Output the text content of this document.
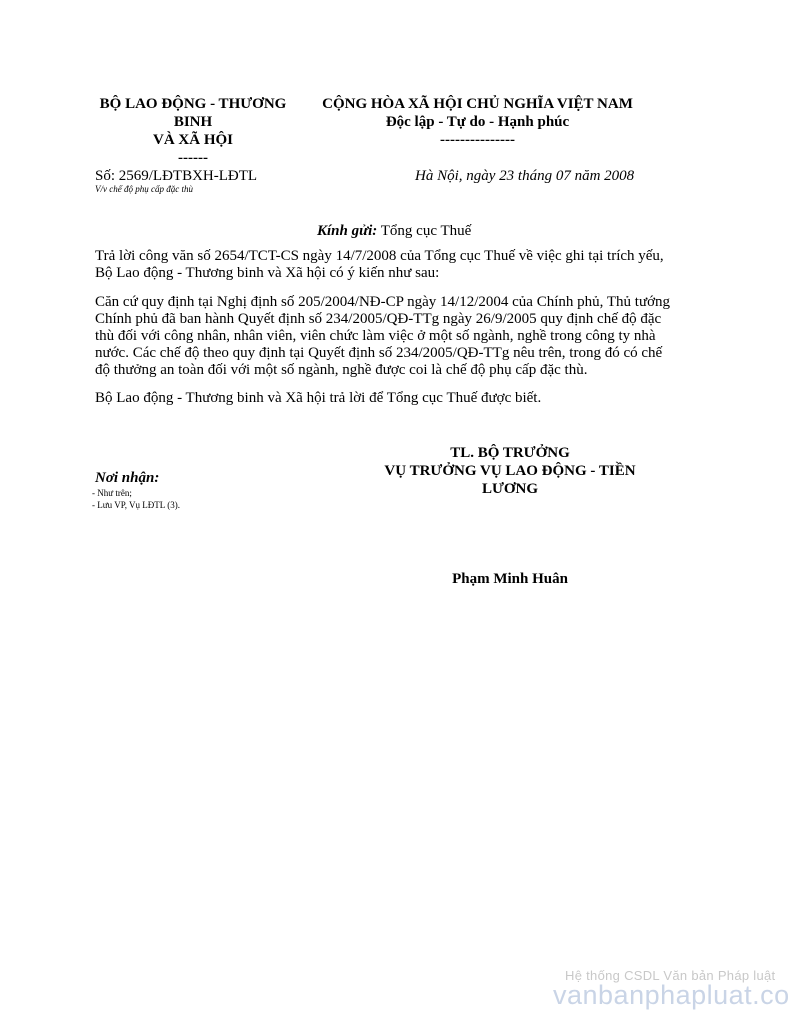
BỘ LAO ĐỘNG - THƯƠNG
BINH
VÀ XÃ HỘI
------
CỘNG HÒA XÃ HỘI CHỦ NGHĨA VIỆT NAM
Độc lập - Tự do - Hạnh phúc
---------------
Số: 2569/LĐTBXH-LĐTL
V/v chế độ phụ cấp đặc thù
Hà Nội, ngày 23 tháng 07 năm 2008
Kính gửi: Tổng cục Thuế
Trả lời công văn số 2654/TCT-CS ngày 14/7/2008 của Tổng cục Thuế về việc ghi tại trích yếu,
Bộ Lao động - Thương binh và Xã hội có ý kiến như sau:
Căn cứ quy định tại Nghị định số 205/2004/NĐ-CP ngày 14/12/2004 của Chính phủ, Thủ tướng
Chính phủ đã ban hành Quyết định số 234/2005/QĐ-TTg ngày 26/9/2005 quy định chế độ đặc
thù đối với công nhân, nhân viên, viên chức làm việc ở một số ngành, nghề trong công ty nhà
nước. Các chế độ theo quy định tại Quyết định số 234/2005/QĐ-TTg nêu trên, trong đó có chế
độ thưởng an toàn đối với một số ngành, nghề được coi là chế độ phụ cấp đặc thù.
Bộ Lao động - Thương binh và Xã hội trả lời để Tổng cục Thuế được biết.
TL. BỘ TRƯỞNG
VỤ TRƯỞNG VỤ LAO ĐỘNG - TIỀN
LƯƠNG
Phạm Minh Huân
Nơi nhận:
- Như trên;
- Lưu VP, Vụ LĐTL (3).
Hệ thống CSDL Văn bản Pháp luật
vanbanphapluat.co
